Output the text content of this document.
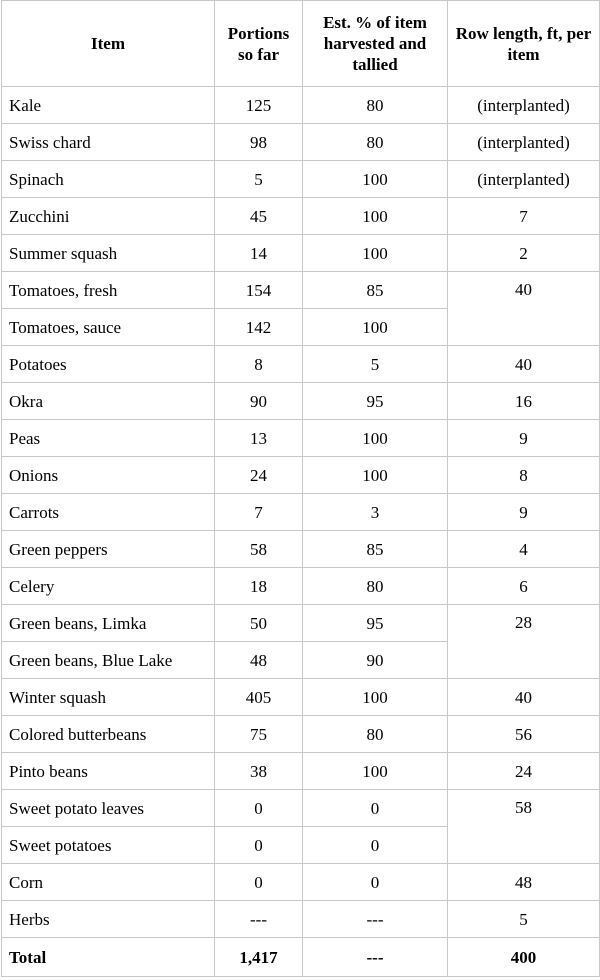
Item	Portions so far	Est. % of item harvested and tallied	Row length, ft, per item
Kale	125	80	(interplanted)
Swiss chard	98	80	(interplanted)
Spinach	5	100	(interplanted)
Zucchini	45	100	7
Summer squash	14	100	2
Tomatoes, fresh	154	85	40
Tomatoes, sauce	142	100	
Potatoes	8	5	40
Okra	90	95	16
Peas	13	100	9
Onions	24	100	8
Carrots	7	3	9
Green peppers	58	85	4
Celery	18	80	6
Green beans, Limka	50	95	28
Green beans, Blue Lake	48	90	
Winter squash	405	100	40
Colored butterbeans	75	80	56
Pinto beans	38	100	24
Sweet potato leaves	0	0	58
Sweet potatoes	0	0	
Corn	0	0	48
Herbs	---	---	5
Total	1,417	---	400
